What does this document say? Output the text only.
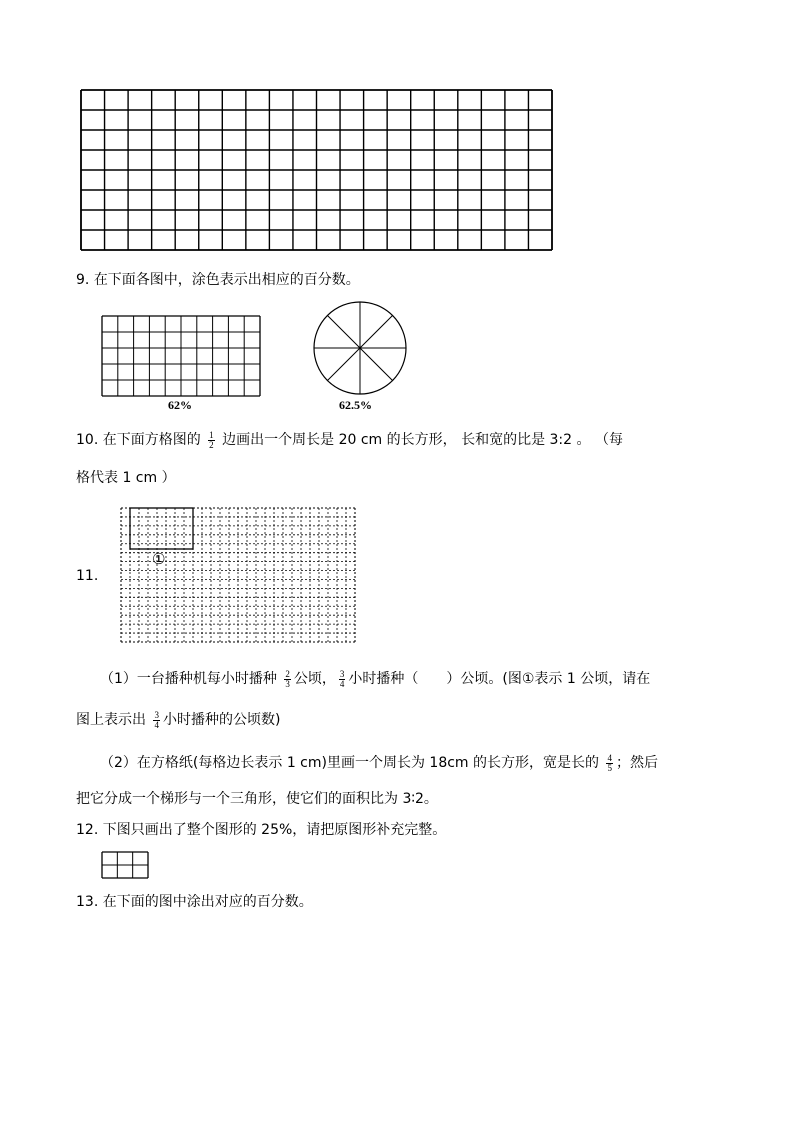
9. 在下面各图中，涂色表示出相应的百分数。
62%	62.5%
10. 在下面方格图的 $\frac{1}{2}$ 边画出一个周长是 20 cm 的长方形， 长和宽的比是 3:2 。 （每
格代表 1 cm ）
11.
①
（1）一台播种机每小时播种 $\frac{2}{3}$ 公顷， $\frac{3}{4}$ 小时播种（　　）公顷。(图①表示 1 公顷，请在
图上表示出 $\frac{3}{4}$ 小时播种的公顷数)
（2）在方格纸(每格边长表示 1 cm)里画一个周长为 18cm 的长方形，宽是长的 $\frac{4}{5}$ ；然后
把它分成一个梯形与一个三角形，使它们的面积比为 3∶2。
12. 下图只画出了整个图形的 25%，请把原图形补充完整。
13. 在下面的图中涂出对应的百分数。
